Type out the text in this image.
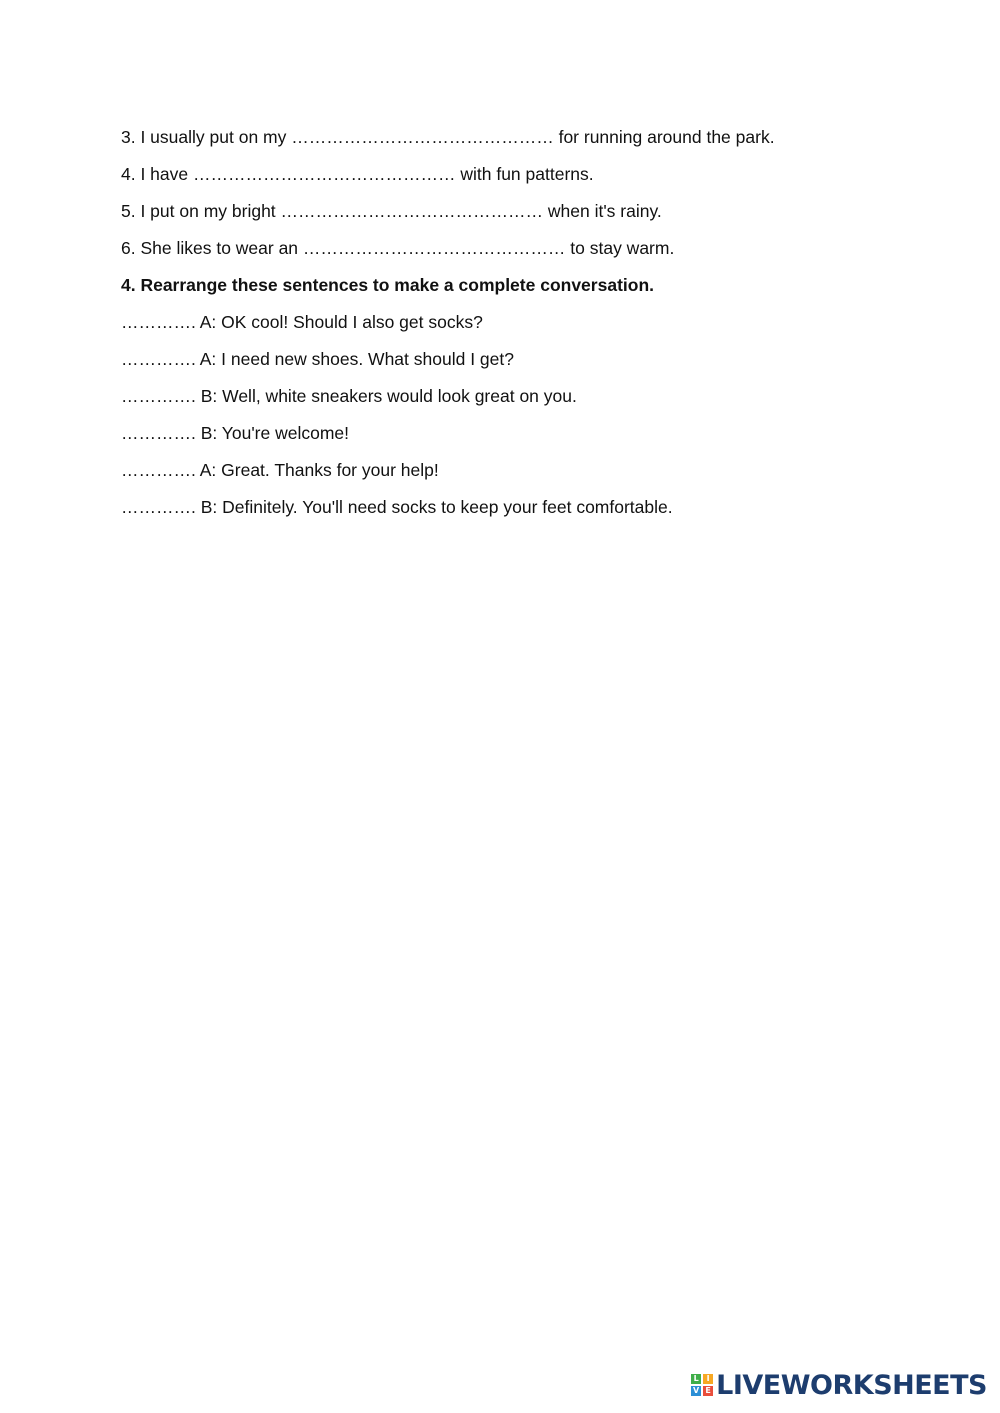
3. I usually put on my ……………………………………… for running around the park.
4. I have ……………………………………… with fun patterns.
5. I put on my bright ……………………………………… when it's rainy.
6. She likes to wear an ……………………………………… to stay warm.
4. Rearrange these sentences to make a complete conversation.
…………. A: OK cool! Should I also get socks?
…………. A: I need new shoes. What should I get?
…………. B: Well, white sneakers would look great on you.
…………. B: You're welcome!
…………. A: Great. Thanks for your help!
…………. B: Definitely. You'll need socks to keep your feet comfortable.
L I
V E LIVEWORKSHEETS
